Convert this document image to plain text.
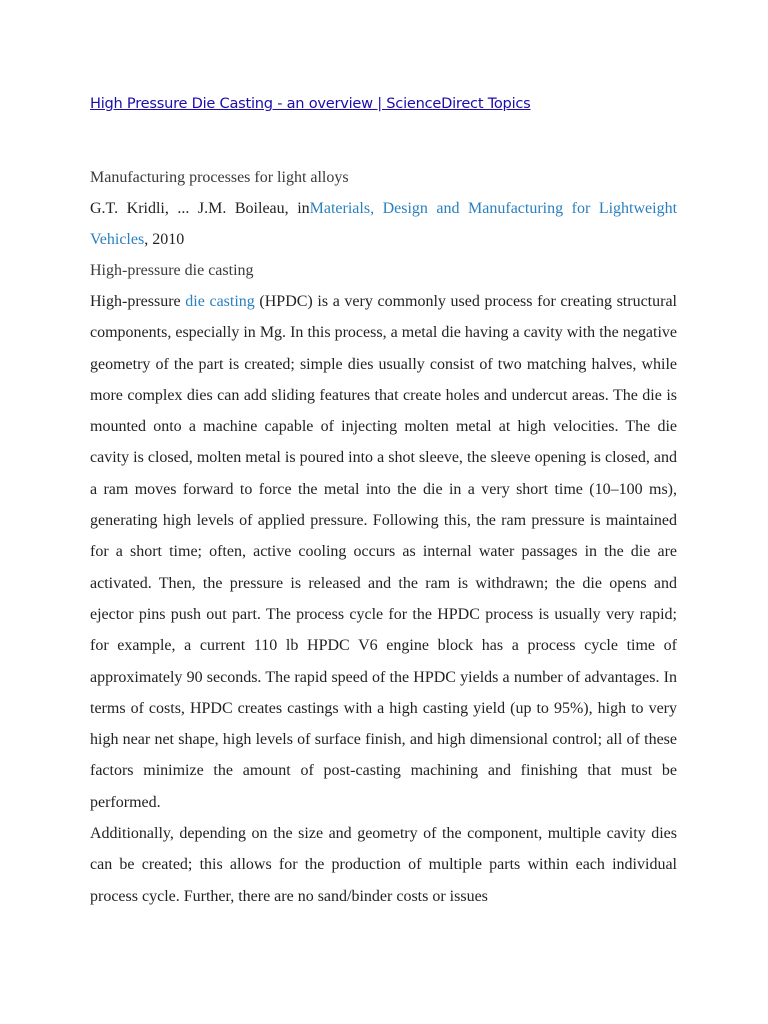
High Pressure Die Casting - an overview | ScienceDirect Topics

Manufacturing processes for light alloys

G.T. Kridli, ... J.M. Boileau, inMaterials, Design and Manufacturing for Lightweight Vehicles, 2010

High-pressure die casting

High-pressure die casting (HPDC) is a very commonly used process for creating structural components, especially in Mg. In this process, a metal die having a cavity with the negative geometry of the part is created; simple dies usually consist of two matching halves, while more complex dies can add sliding features that create holes and undercut areas. The die is mounted onto a machine capable of injecting molten metal at high velocities. The die cavity is closed, molten metal is poured into a shot sleeve, the sleeve opening is closed, and a ram moves forward to force the metal into the die in a very short time (10–100 ms), generating high levels of applied pressure. Following this, the ram pressure is maintained for a short time; often, active cooling occurs as internal water passages in the die are activated. Then, the pressure is released and the ram is withdrawn; the die opens and ejector pins push out part. The process cycle for the HPDC process is usually very rapid; for example, a current 110 lb HPDC V6 engine block has a process cycle time of approximately 90 seconds. The rapid speed of the HPDC yields a number of advantages. In terms of costs, HPDC creates castings with a high casting yield (up to 95%), high to very high near net shape, high levels of surface finish, and high dimensional control; all of these factors minimize the amount of post-casting machining and finishing that must be performed.

Additionally, depending on the size and geometry of the component, multiple cavity dies can be created; this allows for the production of multiple parts within each individual process cycle. Further, there are no sand/binder costs or issues
